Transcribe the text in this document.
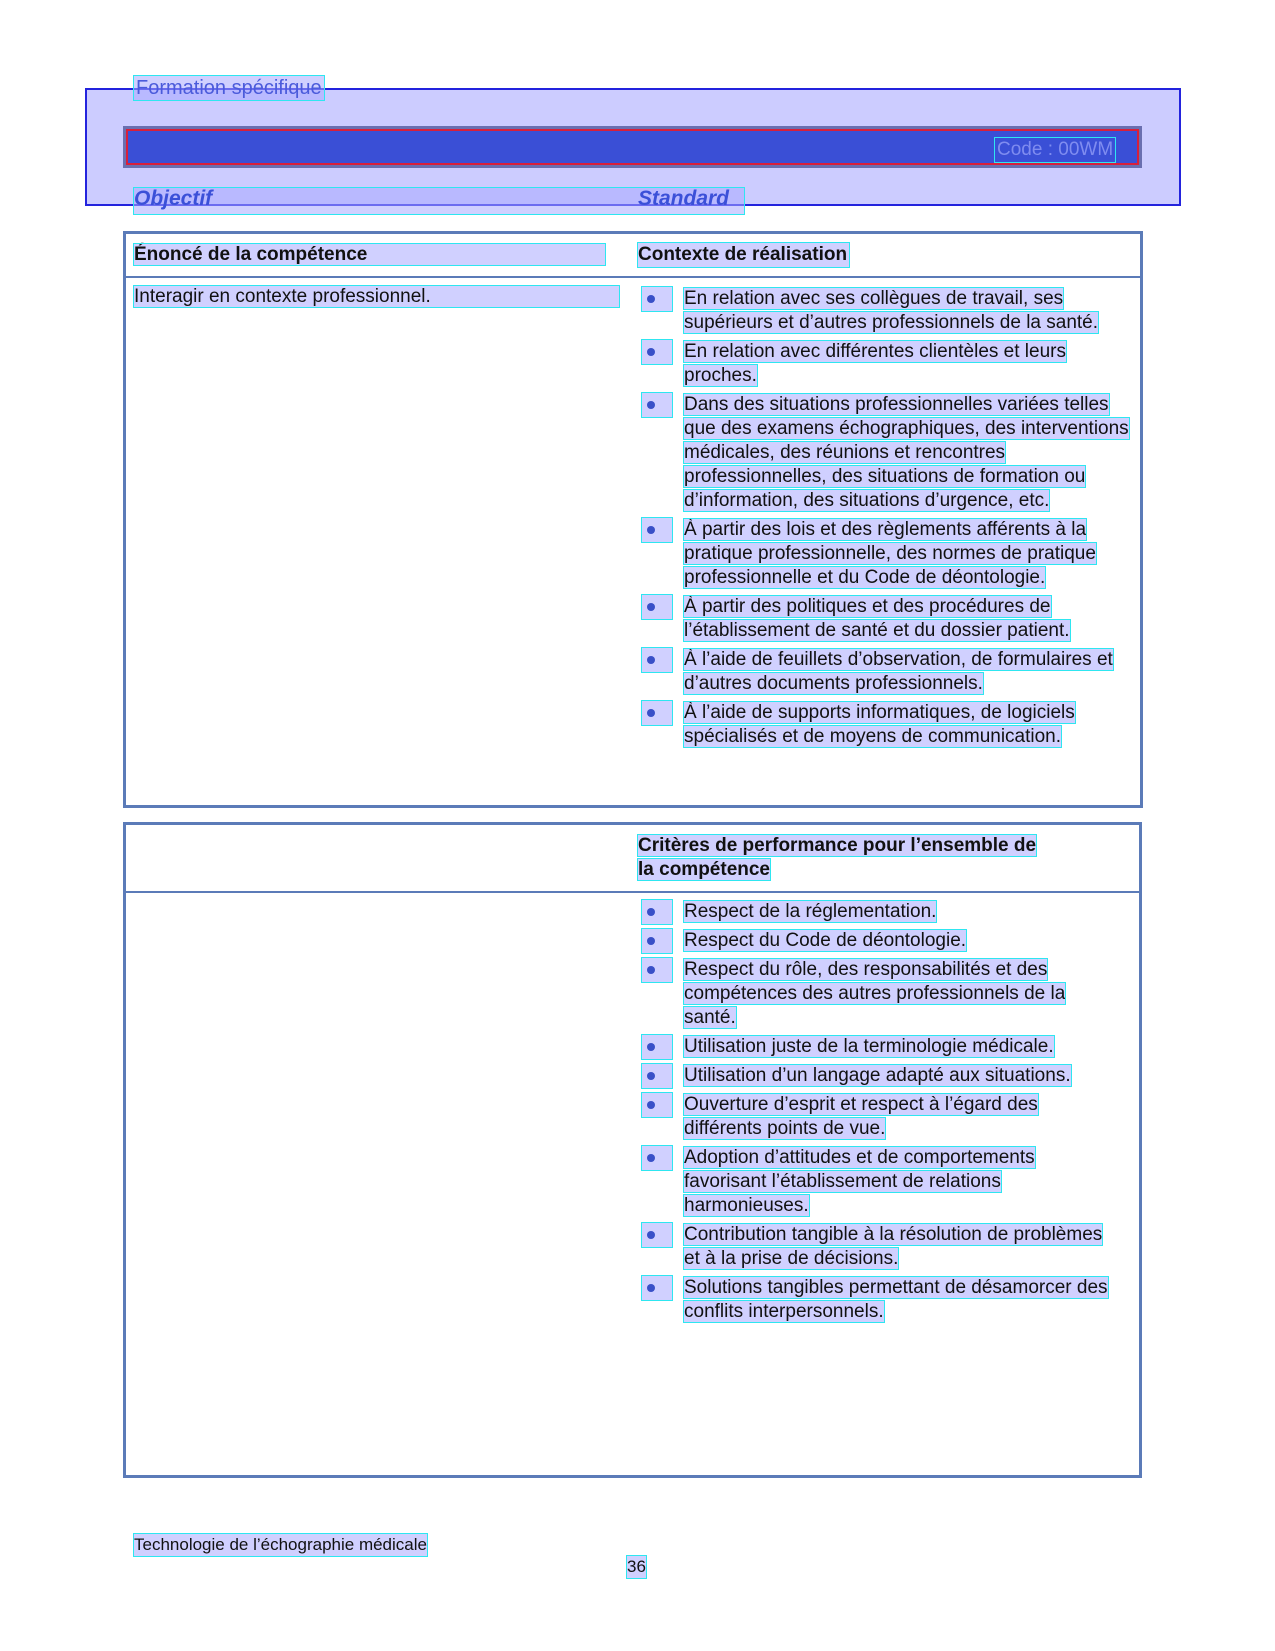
Formation spécifique
Code : 00WM
Objectif	Standard
Énoncé de la compétence	Contexte de réalisation
Interagir en contexte professionnel.	En relation avec ses collègues de travail, ses supérieurs et d’autres professionnels de la santé.
En relation avec différentes clientèles et leurs proches.
Dans des situations professionnelles variées telles que des examens échographiques, des interventions médicales, des réunions et rencontres professionnelles, des situations de formation ou d’information, des situations d’urgence, etc.
À partir des lois et des règlements afférents à la pratique professionnelle, des normes de pratique professionnelle et du Code de déontologie.
À partir des politiques et des procédures de l’établissement de santé et du dossier patient.
À l’aide de feuillets d’observation, de formulaires et d’autres documents professionnels.
À l’aide de supports informatiques, de logiciels spécialisés et de moyens de communication.
Critères de performance pour l’ensemble de la compétence
Respect de la réglementation.
Respect du Code de déontologie.
Respect du rôle, des responsabilités et des compétences des autres professionnels de la santé.
Utilisation juste de la terminologie médicale.
Utilisation d’un langage adapté aux situations.
Ouverture d’esprit et respect à l’égard des différents points de vue.
Adoption d’attitudes et de comportements favorisant l’établissement de relations harmonieuses.
Contribution tangible à la résolution de problèmes et à la prise de décisions.
Solutions tangibles permettant de désamorcer des conflits interpersonnels.
Technologie de l’échographie médicale
36
